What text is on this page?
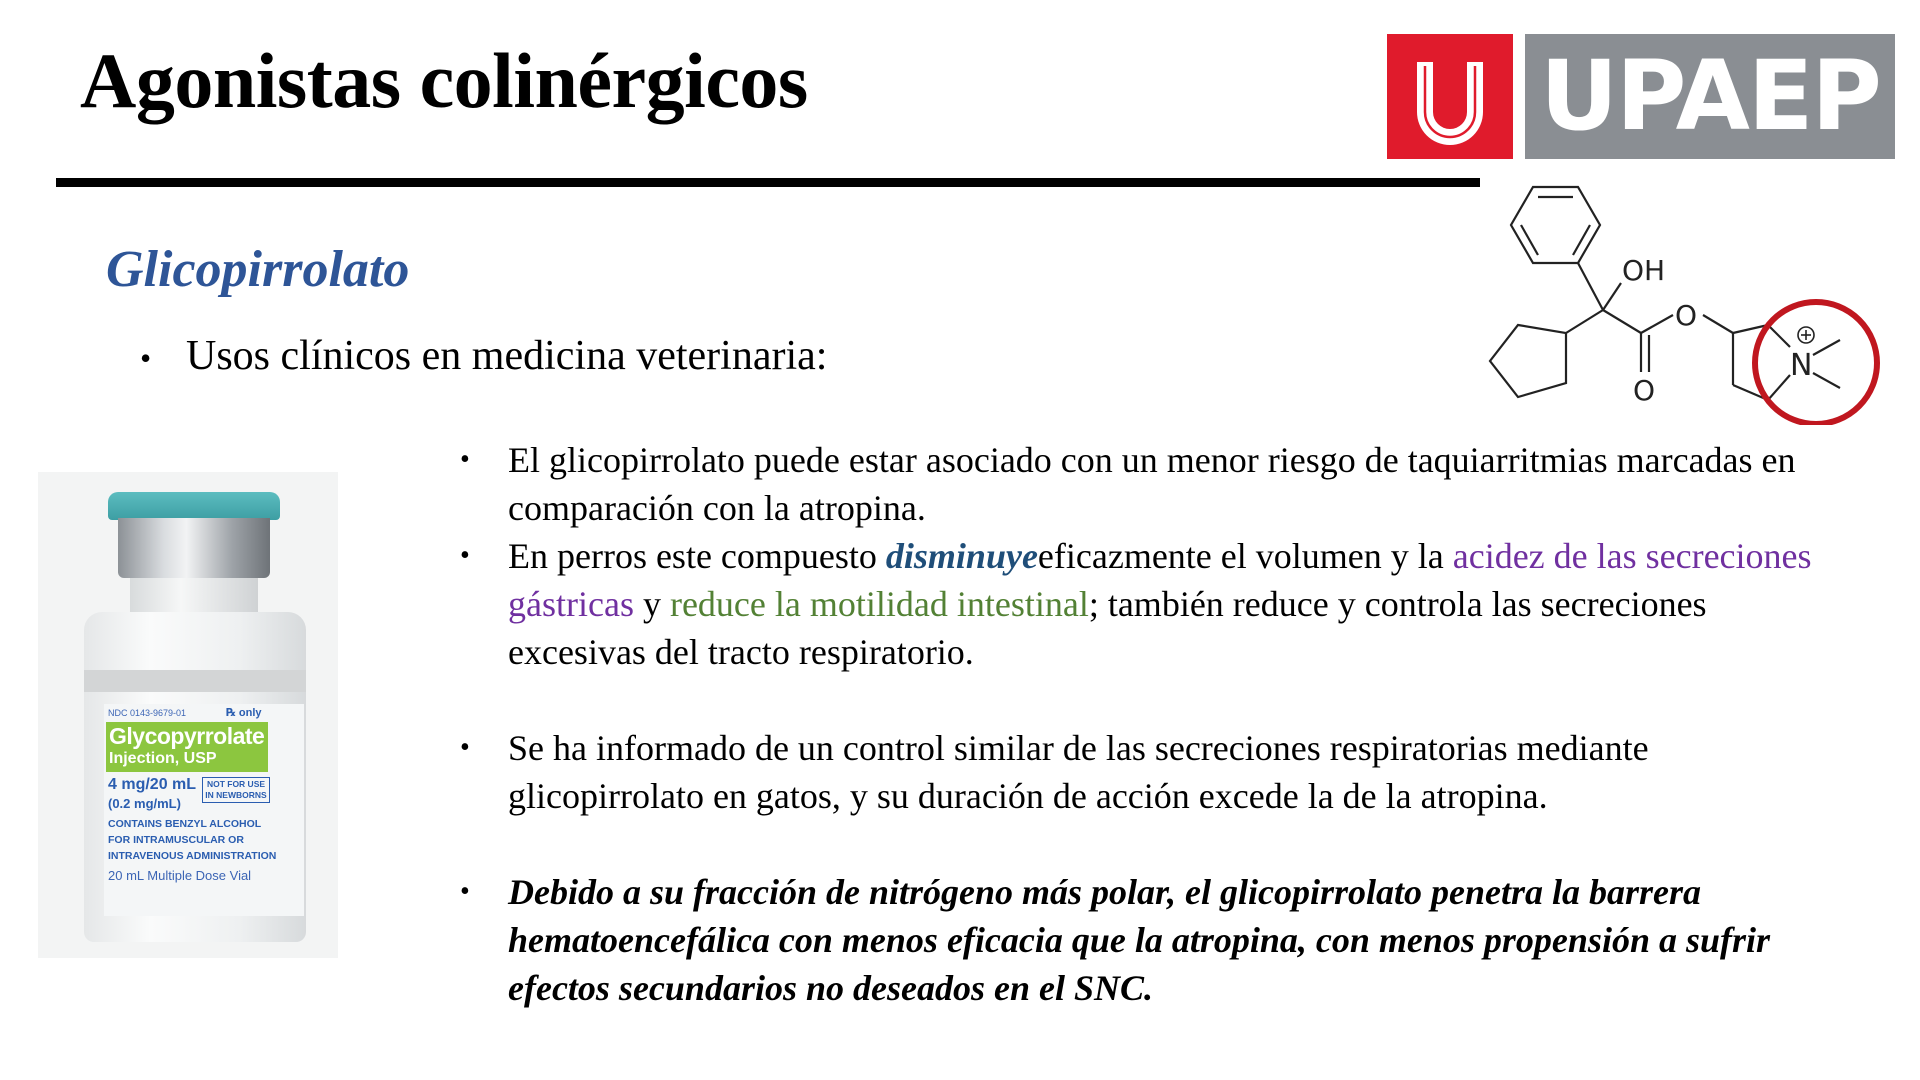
Agonistas colinérgicos	UPAEP
OH
O
O
N
Glicopirrolato
• Usos clínicos en medicina veterinaria:
NDC 0143-9679-01	℞ only
Glycopyrrolate
Injection, USP
4 mg/20 mL
(0.2 mg/mL)
NOT FOR USE IN NEWBORNS
CONTAINS BENZYL ALCOHOL
FOR INTRAMUSCULAR OR
INTRAVENOUS ADMINISTRATION
20 mL Multiple Dose Vial
•	El glicopirrolato puede estar asociado con un menor riesgo de taquiarritmias marcadas en comparación con la atropina.
•	En perros este compuesto disminuyeeficazmente el volumen y la acidez de las secreciones gástricas y reduce la motilidad intestinal; también reduce y controla las secreciones excesivas del tracto respiratorio.
•	Se ha informado de un control similar de las secreciones respiratorias mediante glicopirrolato en gatos, y su duración de acción excede la de la atropina.
•	Debido a su fracción de nitrógeno más polar, el glicopirrolato penetra la barrera hematoencefálica con menos eficacia que la atropina, con menos propensión a sufrir efectos secundarios no deseados en el SNC.
